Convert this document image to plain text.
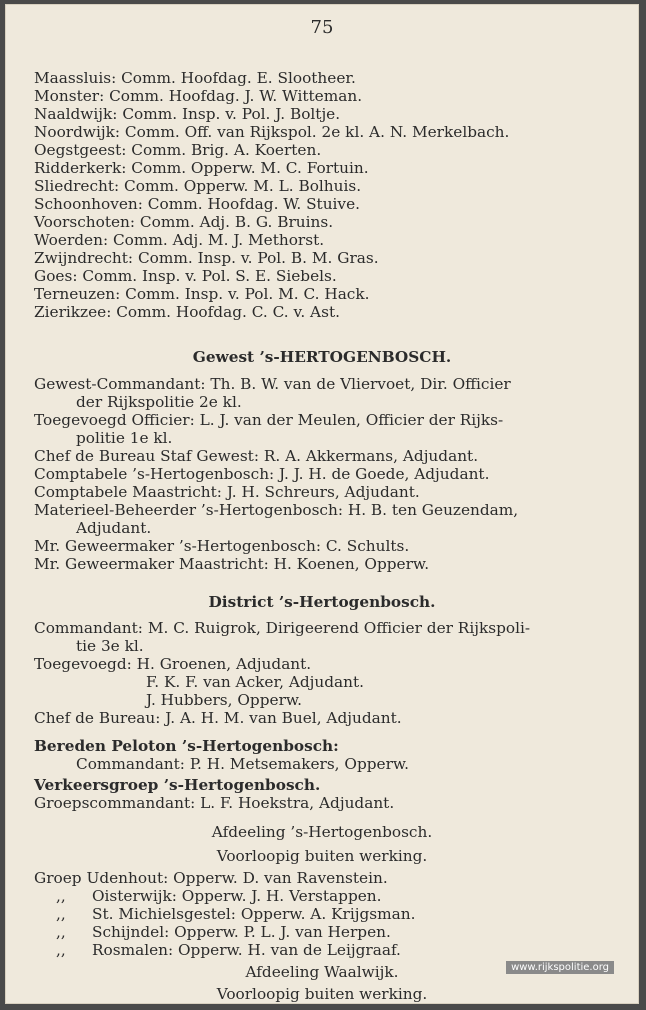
75
Maassluis: Comm. Hoofdag. E. Slootheer.
Monster: Comm. Hoofdag. J. W. Witteman.
Naaldwijk: Comm. Insp. v. Pol. J. Boltje.
Noordwijk: Comm. Off. van Rijkspol. 2e kl. A. N. Merkelbach.
Oegstgeest: Comm. Brig. A. Koerten.
Ridderkerk: Comm. Opperw. M. C. Fortuin.
Sliedrecht: Comm. Opperw. M. L. Bolhuis.
Schoonhoven: Comm. Hoofdag. W. Stuive.
Voorschoten: Comm. Adj. B. G. Bruins.
Woerden: Comm. Adj. M. J. Methorst.
Zwijndrecht: Comm. Insp. v. Pol. B. M. Gras.
Goes: Comm. Insp. v. Pol. S. E. Siebels.
Terneuzen: Comm. Insp. v. Pol. M. C. Hack.
Zierikzee: Comm. Hoofdag. C. C. v. Ast.
Gewest ’s-HERTOGENBOSCH.
Gewest-Commandant: Th. B. W. van de Vliervoet, Dir. Officier
der Rijkspolitie 2e kl.
Toegevoegd Officier: L. J. van der Meulen, Officier der Rijks-
politie 1e kl.
Chef de Bureau Staf Gewest: R. A. Akkermans, Adjudant.
Comptabele ’s-Hertogenbosch: J. J. H. de Goede, Adjudant.
Comptabele Maastricht: J. H. Schreurs, Adjudant.
Materieel-Beheerder ’s-Hertogenbosch: H. B. ten Geuzendam,
Adjudant.
Mr. Geweermaker ’s-Hertogenbosch: C. Schults.
Mr. Geweermaker Maastricht: H. Koenen, Opperw.
District ’s-Hertogenbosch.
Commandant: M. C. Ruigrok, Dirigeerend Officier der Rijkspoli-
tie 3e kl.
Toegevoegd: H. Groenen, Adjudant.
F. K. F. van Acker, Adjudant.
J. Hubbers, Opperw.
Chef de Bureau: J. A. H. M. van Buel, Adjudant.
Bereden Peloton ’s-Hertogenbosch:
Commandant: P. H. Metsemakers, Opperw.
Verkeersgroep ’s-Hertogenbosch.
Groepscommandant: L. F. Hoekstra, Adjudant.
Afdeeling ’s-Hertogenbosch.
Voorloopig buiten werking.
Groep Udenhout: Opperw. D. van Ravenstein.
,, Oisterwijk: Opperw. J. H. Verstappen.
,, St. Michielsgestel: Opperw. A. Krijgsman.
,, Schijndel: Opperw. P. L. J. van Herpen.
,, Rosmalen: Opperw. H. van de Leijgraaf.
Afdeeling Waalwijk.
Voorloopig buiten werking.
www.rijkspolitie.org
